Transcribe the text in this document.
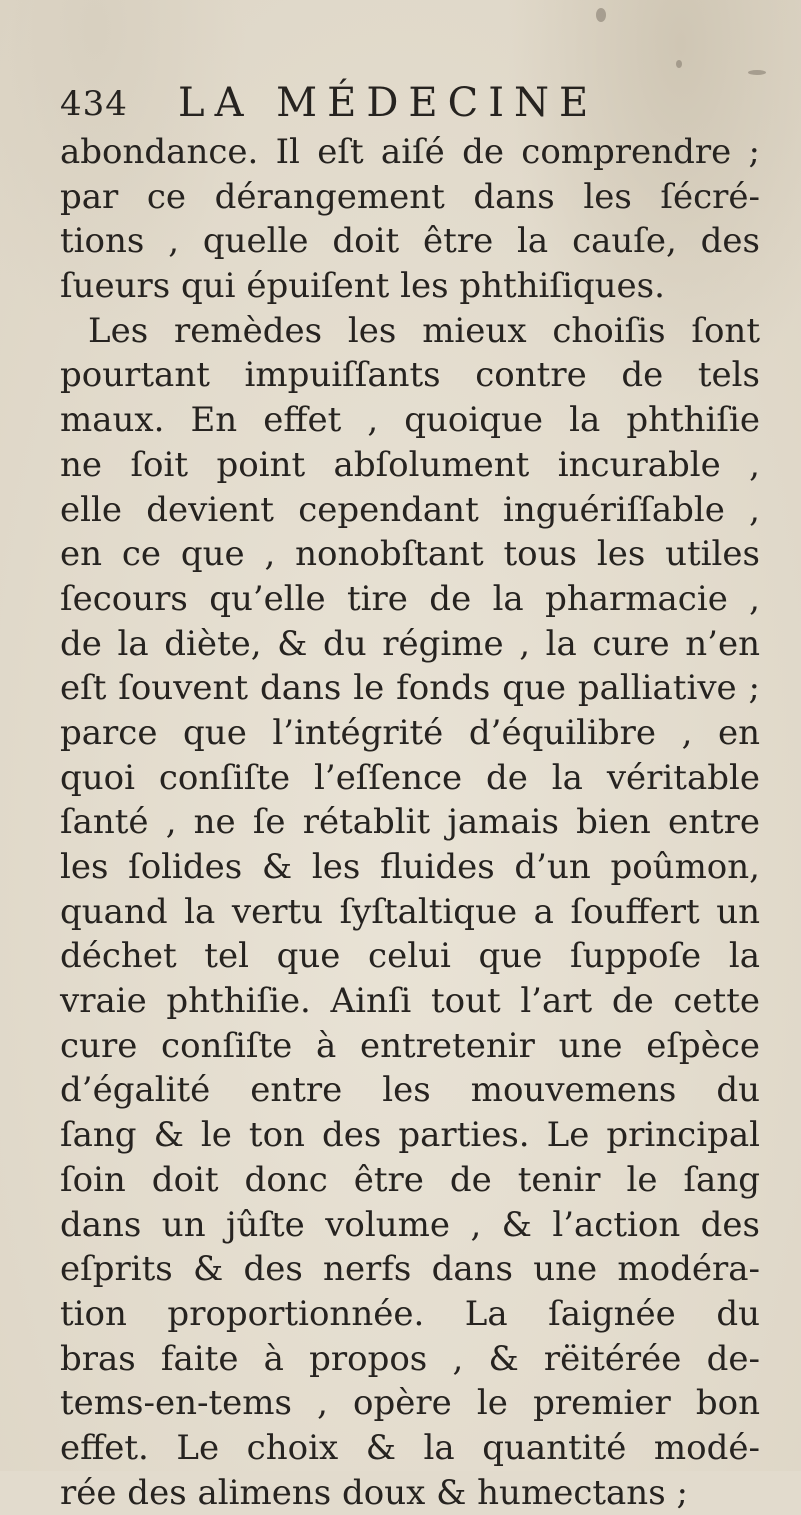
434 LA MÉDECINE
abondance. Il eſt aiſé de comprendre ;
par ce dérangement dans les ſécré-
tions , quelle doit être la cauſe, des
ſueurs qui épuiſent les phthiſiques.
Les remèdes les mieux choiſis ſont
pourtant impuiſſants contre de tels
maux. En effet , quoique la phthiſie
ne ſoit point abſolument incurable ,
elle devient cependant inguériſſable ,
en ce que , nonobſtant tous les utiles
ſecours qu’elle tire de la pharmacie ,
de la diète, & du régime , la cure n’en
eſt ſouvent dans le fonds que palliative ;
parce que l’intégrité d’équilibre , en
quoi conſiſte l’eſſence de la véritable
ſanté , ne ſe rétablit jamais bien entre
les ſolides & les fluides d’un poûmon,
quand la vertu ſyſtaltique a ſouffert un
déchet tel que celui que ſuppoſe la
vraie phthiſie. Ainſi tout l’art de cette
cure conſiſte à entretenir une eſpèce
d’égalité entre les mouvemens du
ſang & le ton des parties. Le principal
ſoin doit donc être de tenir le ſang
dans un jûſte volume , & l’action des
eſprits & des nerfs dans une modéra-
tion proportionnée. La ſaignée du
bras faite à propos , & rëitérée de-
tems-en-tems , opère le premier bon
effet. Le choix & la quantité modé-
rée des alimens doux & humectans ;
